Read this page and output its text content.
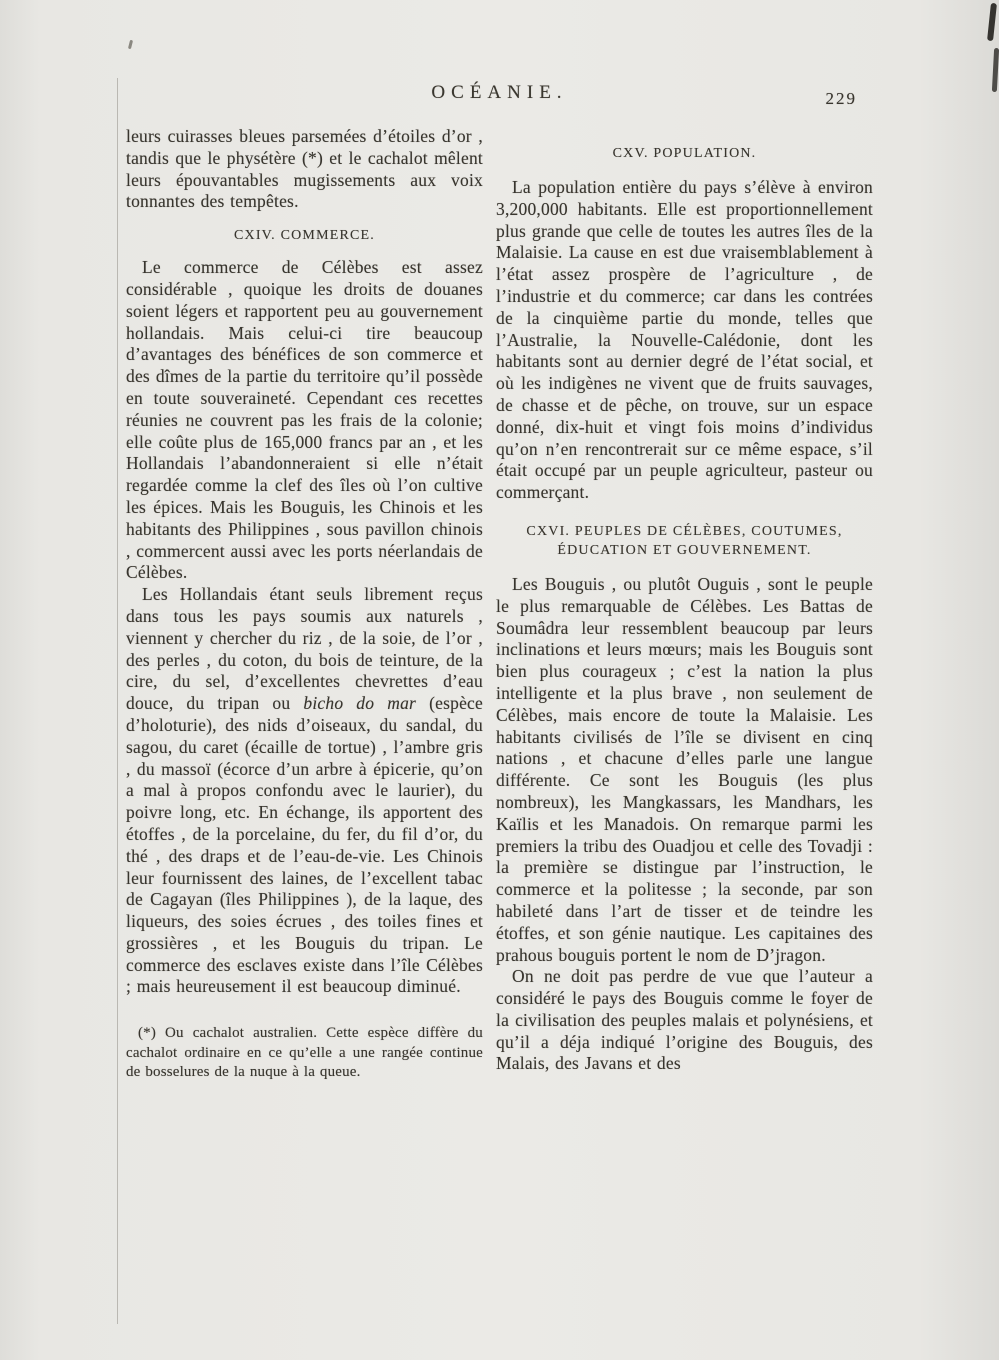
OCÉANIE.	229

leurs cuirasses bleues parsemées d’étoiles d’or , tandis que le physétère (*) et le cachalot mêlent leurs épouvantables mugissements aux voix tonnantes des tempêtes.

CXIV. COMMERCE.

Le commerce de Célèbes est assez considérable , quoique les droits de douanes soient légers et rapportent peu au gouvernement hollandais. Mais celui-ci tire beaucoup d’avantages des bénéfices de son commerce et des dîmes de la partie du territoire qu’il possède en toute souveraineté. Cependant ces recettes réunies ne couvrent pas les frais de la colonie; elle coûte plus de 165,000 francs par an , et les Hollandais l’abandonneraient si elle n’était regardée comme la clef des îles où l’on cultive les épices. Mais les Bouguis, les Chinois et les habitants des Philippines , sous pavillon chinois , commercent aussi avec les ports néerlandais de Célèbes.

Les Hollandais étant seuls librement reçus dans tous les pays soumis aux naturels , viennent y chercher du riz , de la soie, de l’or , des perles , du coton, du bois de teinture, de la cire, du sel, d’excellentes chevrettes d’eau douce, du tripan ou bicho do mar (espèce d’holoturie), des nids d’oiseaux, du sandal, du sagou, du caret (écaille de tortue) , l’ambre gris , du massoï (écorce d’un arbre à épicerie, qu’on a mal à propos confondu avec le laurier), du poivre long, etc. En échange, ils apportent des étoffes , de la porcelaine, du fer, du fil d’or, du thé , des draps et de l’eau-de-vie. Les Chinois leur fournissent des laines, de l’excellent tabac de Cagayan (îles Philippines ), de la laque, des liqueurs, des soies écrues , des toiles fines et grossières , et les Bouguis du tripan. Le commerce des esclaves existe dans l’île Célèbes ; mais heureusement il est beaucoup diminué.

(*) Ou cachalot australien. Cette espèce diffère du cachalot ordinaire en ce qu’elle a une rangée continue de bosselures de la nuque à la queue.

CXV. POPULATION.

La population entière du pays s’élève à environ 3,200,000 habitants. Elle est proportionnellement plus grande que celle de toutes les autres îles de la Malaisie. La cause en est due vraisemblablement à l’état assez prospère de l’agriculture , de l’industrie et du commerce; car dans les contrées de la cinquième partie du monde, telles que l’Australie, la Nouvelle-Calédonie, dont les habitants sont au dernier degré de l’état social, et où les indigènes ne vivent que de fruits sauvages, de chasse et de pêche, on trouve, sur un espace donné, dix-huit et vingt fois moins d’individus qu’on n’en rencontrerait sur ce même espace, s’il était occupé par un peuple agriculteur, pasteur ou commerçant.

CXVI. PEUPLES DE CÉLÈBES, COUTUMES,
ÉDUCATION ET GOUVERNEMENT.

Les Bouguis , ou plutôt Ouguis , sont le peuple le plus remarquable de Célèbes. Les Battas de Soumâdra leur ressemblent beaucoup par leurs inclinations et leurs mœurs; mais les Bouguis sont bien plus courageux ; c’est la nation la plus intelligente et la plus brave , non seulement de Célèbes, mais encore de toute la Malaisie. Les habitants civilisés de l’île se divisent en cinq nations , et chacune d’elles parle une langue différente. Ce sont les Bouguis (les plus nombreux), les Mangkassars, les Mandhars, les Kaïlis et les Manadois. On remarque parmi les premiers la tribu des Ouadjou et celle des Tovadji : la première se distingue par l’instruction, le commerce et la politesse ; la seconde, par son habileté dans l’art de tisser et de teindre les étoffes, et son génie nautique. Les capitaines des prahous bouguis portent le nom de D’jragon.

On ne doit pas perdre de vue que l’auteur a considéré le pays des Bouguis comme le foyer de la civilisation des peuples malais et polynésiens, et qu’il a déja indiqué l’origine des Bouguis, des Malais, des Javans et des
